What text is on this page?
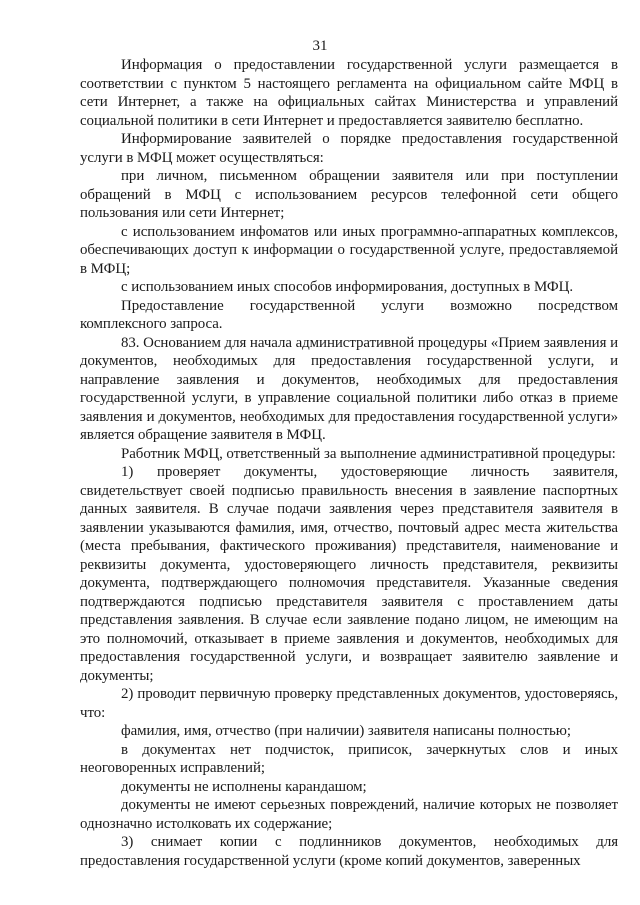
31

Информация о предоставлении государственной услуги размещается в соответствии с пунктом 5 настоящего регламента на официальном сайте МФЦ в сети Интернет, а также на официальных сайтах Министерства и управлений социальной политики в сети Интернет и предоставляется заявителю бесплатно.

Информирование заявителей о порядке предоставления государственной услуги в МФЦ может осуществляться:

при личном, письменном обращении заявителя или при поступлении обращений в МФЦ с использованием ресурсов телефонной сети общего пользования или сети Интернет;

с использованием инфоматов или иных программно-аппаратных комплексов, обеспечивающих доступ к информации о государственной услуге, предоставляемой в МФЦ;

с использованием иных способов информирования, доступных в МФЦ.

Предоставление государственной услуги возможно посредством комплексного запроса.

83. Основанием для начала административной процедуры «Прием заявления и документов, необходимых для предоставления государственной услуги, и направление заявления и документов, необходимых для предоставления государственной услуги, в управление социальной политики либо отказ в приеме заявления и документов, необходимых для предоставления государственной услуги» является обращение заявителя в МФЦ.

Работник МФЦ, ответственный за выполнение административной процедуры:

1) проверяет документы, удостоверяющие личность заявителя, свидетельствует своей подписью правильность внесения в заявление паспортных данных заявителя. В случае подачи заявления через представителя заявителя в заявлении указываются фамилия, имя, отчество, почтовый адрес места жительства (места пребывания, фактического проживания) представителя, наименование и реквизиты документа, удостоверяющего личность представителя, реквизиты документа, подтверждающего полномочия представителя. Указанные сведения подтверждаются подписью представителя заявителя с проставлением даты представления заявления. В случае если заявление подано лицом, не имеющим на это полномочий, отказывает в приеме заявления и документов, необходимых для предоставления государственной услуги, и возвращает заявителю заявление и документы;

2) проводит первичную проверку представленных документов, удостоверяясь, что:

фамилия, имя, отчество (при наличии) заявителя написаны полностью;

в документах нет подчисток, приписок, зачеркнутых слов и иных неоговоренных исправлений;

документы не исполнены карандашом;

документы не имеют серьезных повреждений, наличие которых не позволяет однозначно истолковать их содержание;

3) снимает копии с подлинников документов, необходимых для предоставления государственной услуги (кроме копий документов, заверенных
